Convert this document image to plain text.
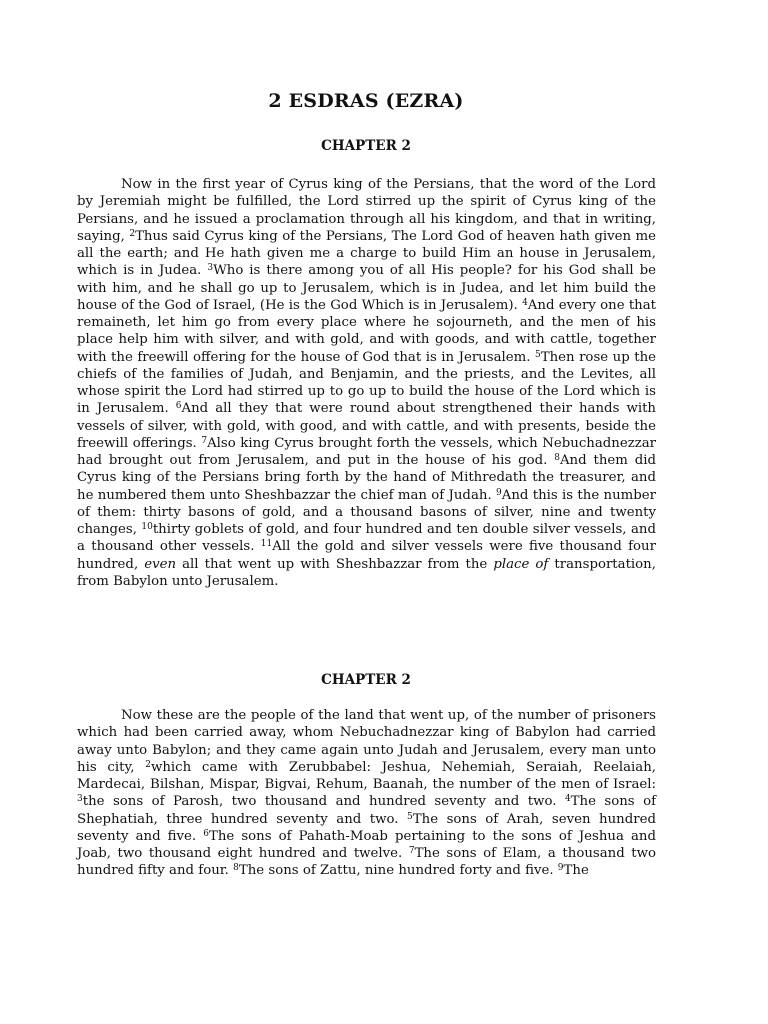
2 ESDRAS (EZRA)
CHAPTER 2

Now in the first year of Cyrus king of the Persians, that the word of the Lord by Jeremiah might be fulfilled, the Lord stirred up the spirit of Cyrus king of the Persians, and he issued a proclamation through all his kingdom, and that in writing, saying, $^2$Thus said Cyrus king of the Persians, The Lord God of heaven hath given me all the earth; and He hath given me a charge to build Him an house in Jerusalem, which is in Judea. $^3$Who is there among you of all His people? for his God shall be with him, and he shall go up to Jerusalem, which is in Judea, and let him build the house of the God of Israel, (He is the God Which is in Jerusalem). $^4$And every one that remaineth, let him go from every place where he sojourneth, and the men of his place help him with silver, and with gold, and with goods, and with cattle, together with the freewill offering for the house of God that is in Jerusalem. $^5$Then rose up the chiefs of the families of Judah, and Benjamin, and the priests, and the Levites, all whose spirit the Lord had stirred up to go up to build the house of the Lord which is in Jerusalem. $^6$And all they that were round about strengthened their hands with vessels of silver, with gold, with good, and with cattle, and with presents, beside the freewill offerings. $^7$Also king Cyrus brought forth the vessels, which Nebuchadnezzar had brought out from Jerusalem, and put in the house of his god. $^8$And them did Cyrus king of the Persians bring forth by the hand of Mithredath the treasurer, and he numbered them unto Sheshbazzar the chief man of Judah. $^9$And this is the number of them: thirty basons of gold, and a thousand basons of silver, nine and twenty changes, $^{10}$thirty goblets of gold, and four hundred and ten double silver vessels, and a thousand other vessels. $^{11}$All the gold and silver vessels were five thousand four hundred, even all that went up with Sheshbazzar from the place of transportation, from Babylon unto Jerusalem.

CHAPTER 2

Now these are the people of the land that went up, of the number of prisoners which had been carried away, whom Nebuchadnezzar king of Babylon had carried away unto Babylon; and they came again unto Judah and Jerusalem, every man unto his city, $^2$which came with Zerubbabel: Jeshua, Nehemiah, Seraiah, Reelaiah, Mardecai, Bilshan, Mispar, Bigvai, Rehum, Baanah, the number of the men of Israel: $^3$the sons of Parosh, two thousand and hundred seventy and two. $^4$The sons of Shephatiah, three hundred seventy and two. $^5$The sons of Arah, seven hundred seventy and five. $^6$The sons of Pahath-Moab pertaining to the sons of Jeshua and Joab, two thousand eight hundred and twelve. $^7$The sons of Elam, a thousand two hundred fifty and four. $^8$The sons of Zattu, nine hundred forty and five. $^9$The
